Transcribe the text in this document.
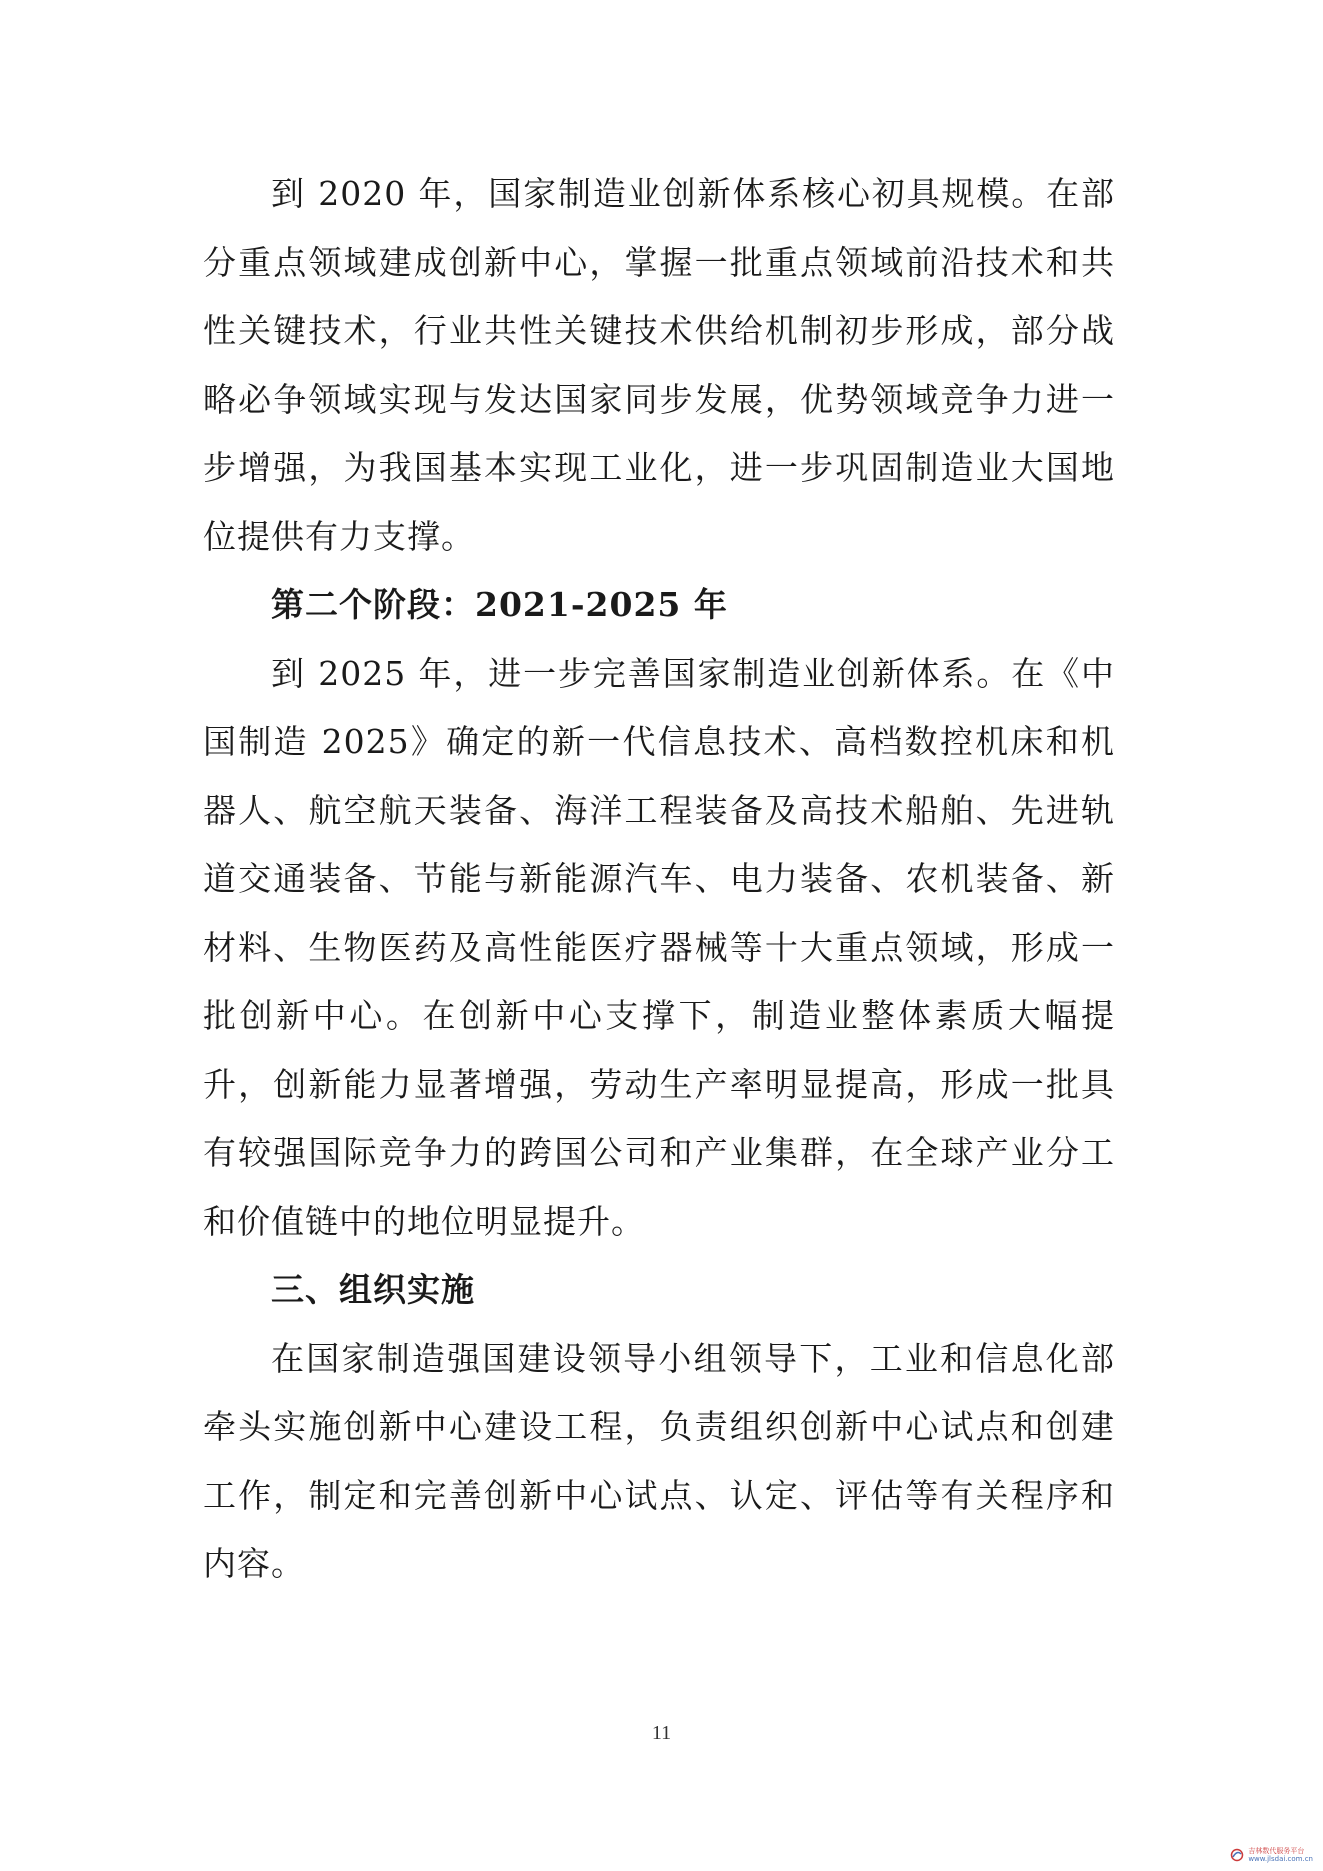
到 2020 年，国家制造业创新体系核心初具规模。在部分重点领域建成创新中心，掌握一批重点领域前沿技术和共性关键技术，行业共性关键技术供给机制初步形成，部分战略必争领域实现与发达国家同步发展，优势领域竞争力进一步增强，为我国基本实现工业化，进一步巩固制造业大国地位提供有力支撑。

第二个阶段：2021-2025 年

到 2025 年，进一步完善国家制造业创新体系。在《中国制造 2025》确定的新一代信息技术、高档数控机床和机器人、航空航天装备、海洋工程装备及高技术船舶、先进轨道交通装备、节能与新能源汽车、电力装备、农机装备、新材料、生物医药及高性能医疗器械等十大重点领域，形成一批创新中心。在创新中心支撑下，制造业整体素质大幅提升，创新能力显著增强，劳动生产率明显提高，形成一批具有较强国际竞争力的跨国公司和产业集群，在全球产业分工和价值链中的地位明显提升。

三、组织实施

在国家制造强国建设领导小组领导下，工业和信息化部牵头实施创新中心建设工程，负责组织创新中心试点和创建工作，制定和完善创新中心试点、认定、评估等有关程序和内容。

11
吉林数代服务平台
www.jlsdai.com.cn
